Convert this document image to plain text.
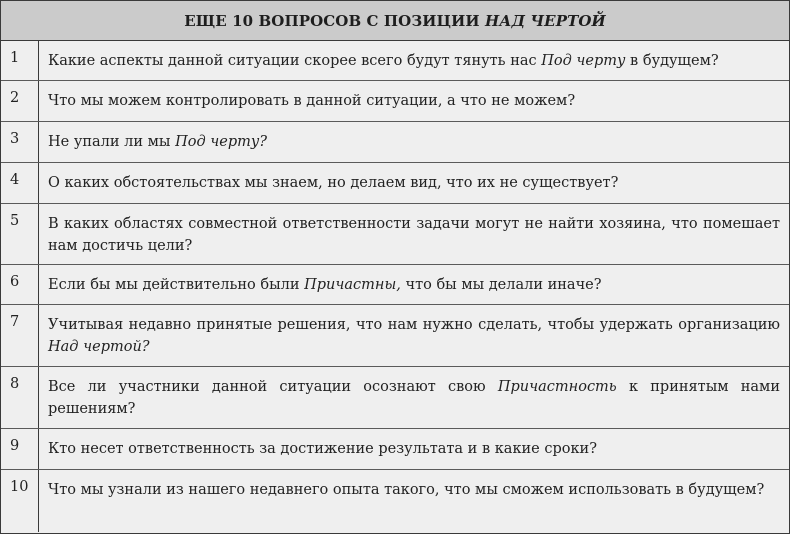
ЕЩЕ 10 ВОПРОСОВ С ПОЗИЦИИ
НАД ЧЕРТОЙ
1	Какие аспекты данной ситуации скорее всего будут тянуть нас Под черту в будущем?
2	Что мы можем контролировать в данной ситуации, а что не можем?
3	Не упали ли мы Под черту?
4	О каких обстоятельствах мы знаем, но делаем вид, что их не существует?
5	В каких областях совместной ответственности задачи могут не найти хозяина, что помешает нам достичь цели?
6	Если бы мы действительно были Причастны, что бы мы делали иначе?
7	Учитывая недавно принятые решения, что нам нужно сделать, чтобы удержать организацию Над чертой?
8	Все ли участники данной ситуации осознают свою Причастность к принятым нами решениям?
9	Кто несет ответственность за достижение результата и в какие сроки?
10	Что мы узнали из нашего недавнего опыта такого, что мы сможем использовать в будущем?
